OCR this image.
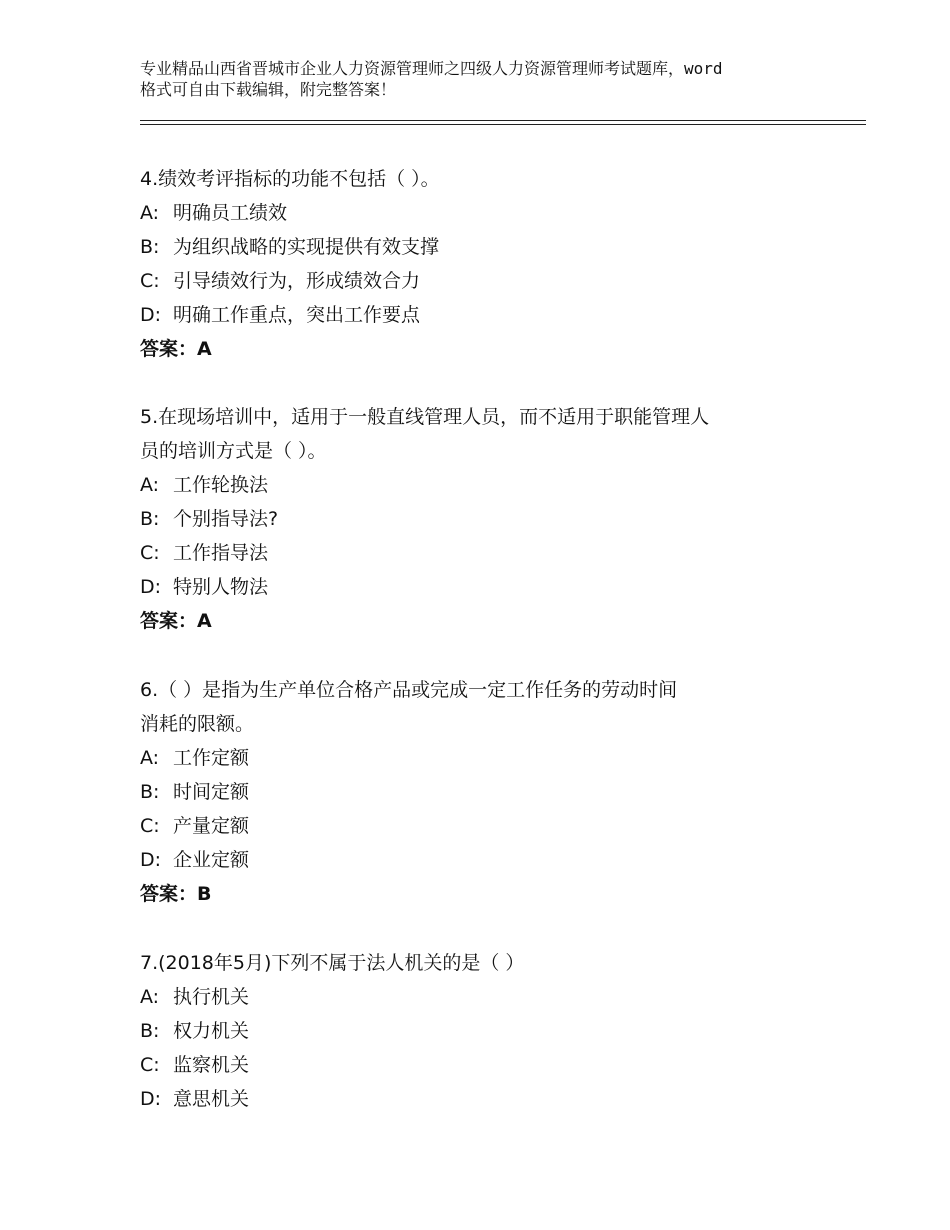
专业精品山西省晋城市企业人力资源管理师之四级人力资源管理师考试题库，word
格式可自由下载编辑，附完整答案！
4.绩效考评指标的功能不包括（ ）。
A: 明确员工绩效
B: 为组织战略的实现提供有效支撑
C: 引导绩效行为，形成绩效合力
D: 明确工作重点，突出工作要点
答案：A
5.在现场培训中，适用于一般直线管理人员，而不适用于职能管理人
员的培训方式是（ ）。
A: 工作轮换法
B: 个别指导法?
C: 工作指导法
D: 特别人物法
答案：A
6.（ ）是指为生产单位合格产品或完成一定工作任务的劳动时间
消耗的限额。
A: 工作定额
B: 时间定额
C: 产量定额
D: 企业定额
答案：B
7.(2018年5月)下列不属于法人机关的是（ ）
A: 执行机关
B: 权力机关
C: 监察机关
D: 意思机关
